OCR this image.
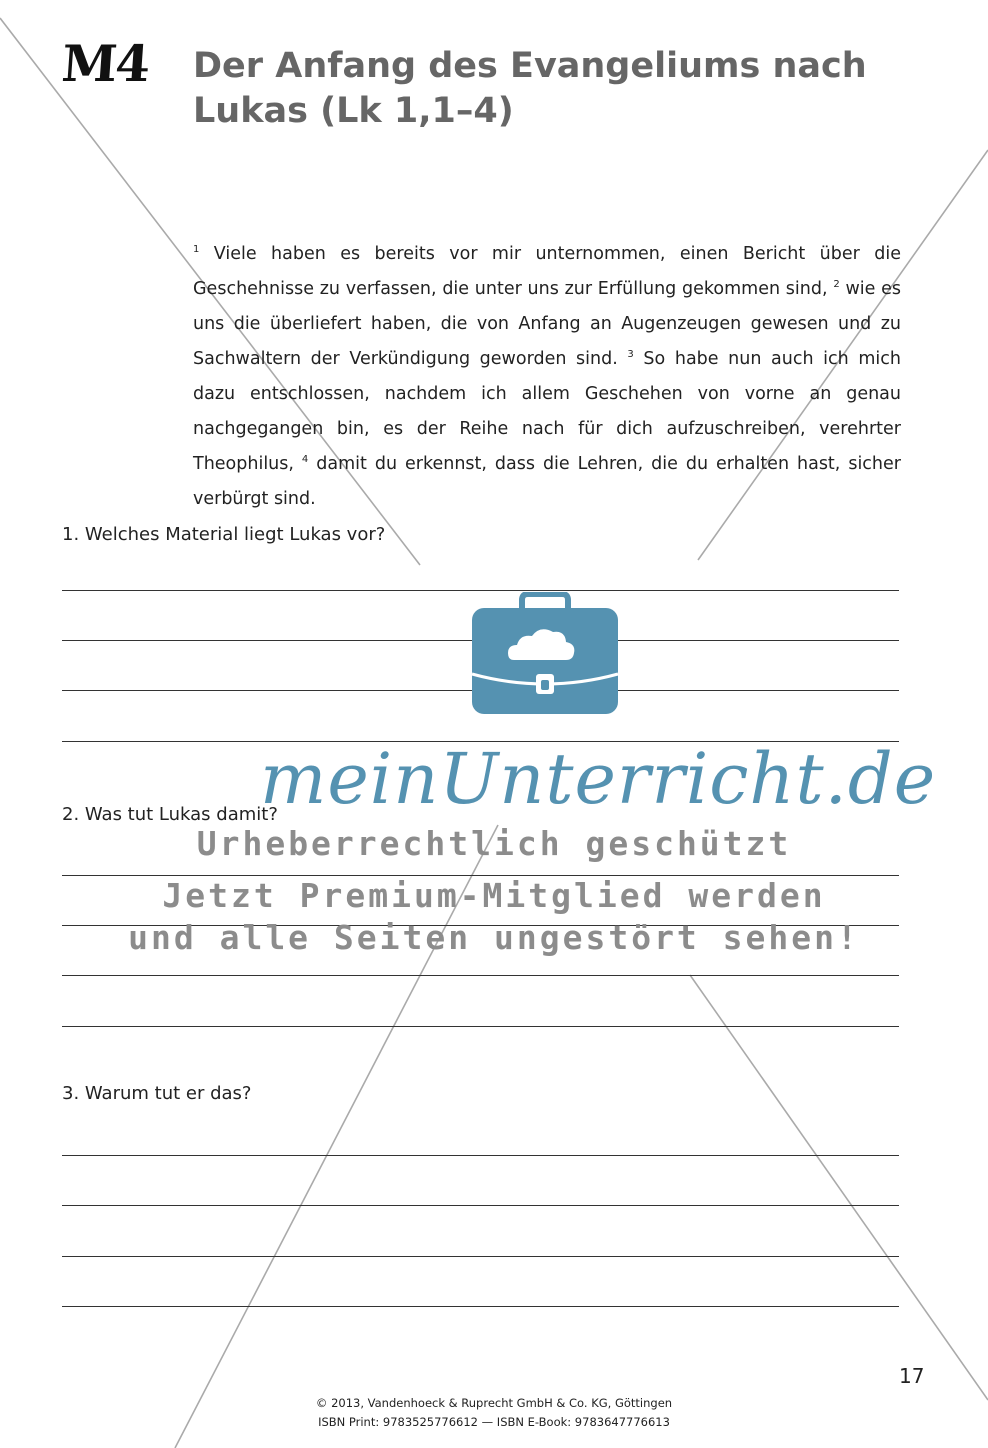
M4 Der Anfang des Evangeliums nach Lukas (Lk 1,1–4)

$^1$ Viele haben es bereits vor mir unternommen, einen Bericht über die Geschehnisse zu verfassen, die unter uns zur Erfüllung gekommen sind, $^2$ wie es uns die überliefert haben, die von Anfang an Augenzeugen gewesen und zu Sachwaltern der Verkündigung geworden sind. $^3$ So habe nun auch ich mich dazu entschlossen, nachdem ich allem Geschehen von vorne an genau nachgegangen bin, es der Reihe nach für dich aufzuschreiben, verehrter Theophilus, $^4$ damit du erkennst, dass die Lehren, die du erhalten hast, sicher verbürgt sind.

1. Welches Material liegt Lukas vor?
2. Was tut Lukas damit?
3. Warum tut er das?
meinUnterricht.de
Urheberrechtlich geschützt
Jetzt Premium-Mitglied werden
und alle Seiten ungestört sehen!
17
© 2013, Vandenhoeck & Ruprecht GmbH & Co. KG, Göttingen
ISBN Print: 9783525776612 — ISBN E-Book: 9783647776613
